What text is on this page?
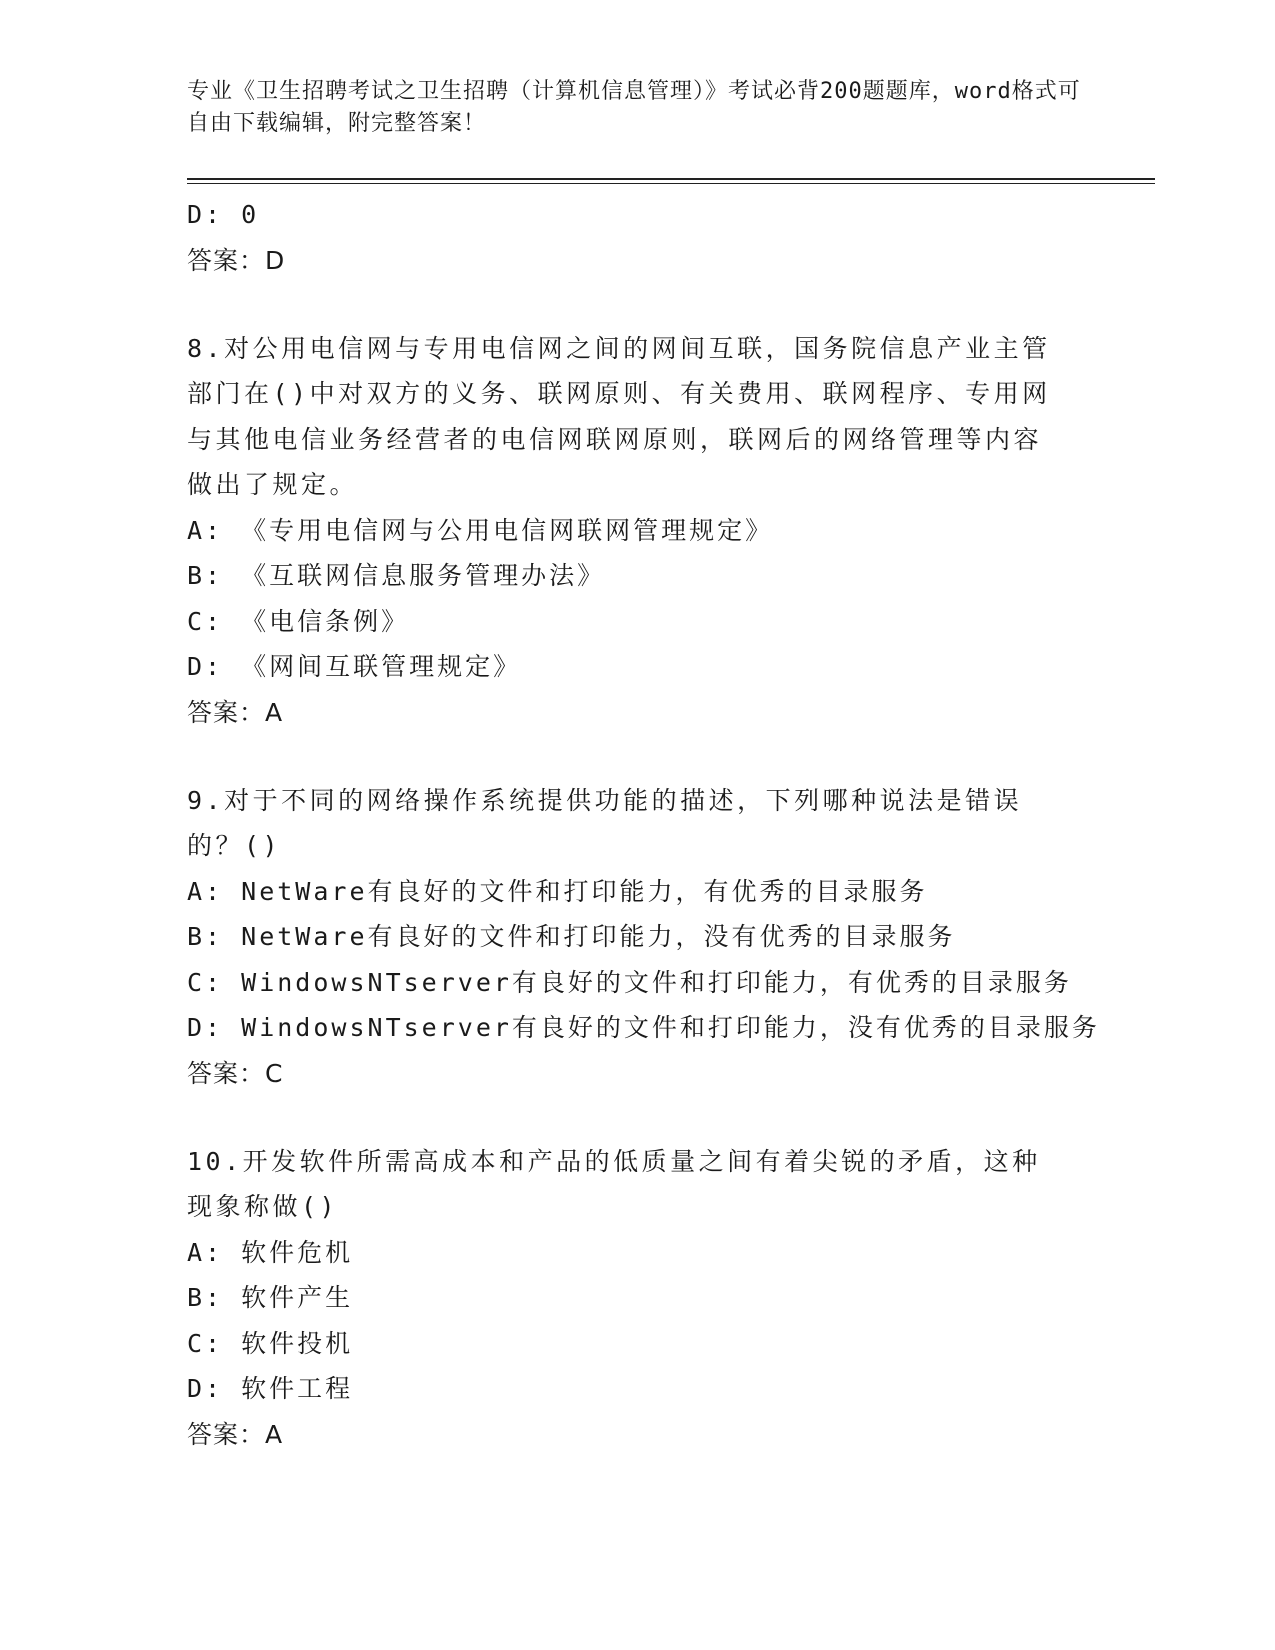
专业《卫生招聘考试之卫生招聘（计算机信息管理）》考试必背200题题库，word格式可自由下载编辑，附完整答案！
D: 0
答案：D
8.对公用电信网与专用电信网之间的网间互联，国务院信息产业主管部门在()中对双方的义务、联网原则、有关费用、联网程序、专用网与其他电信业务经营者的电信网联网原则，联网后的网络管理等内容做出了规定。
A: 《专用电信网与公用电信网联网管理规定》
B: 《互联网信息服务管理办法》
C: 《电信条例》
D: 《网间互联管理规定》
答案：A
9.对于不同的网络操作系统提供功能的描述，下列哪种说法是错误的？()
A: NetWare有良好的文件和打印能力，有优秀的目录服务
B: NetWare有良好的文件和打印能力，没有优秀的目录服务
C: WindowsNTserver有良好的文件和打印能力，有优秀的目录服务
D: WindowsNTserver有良好的文件和打印能力，没有优秀的目录服务
答案：C
10.开发软件所需高成本和产品的低质量之间有着尖锐的矛盾，这种现象称做()
A: 软件危机
B: 软件产生
C: 软件投机
D: 软件工程
答案：A
